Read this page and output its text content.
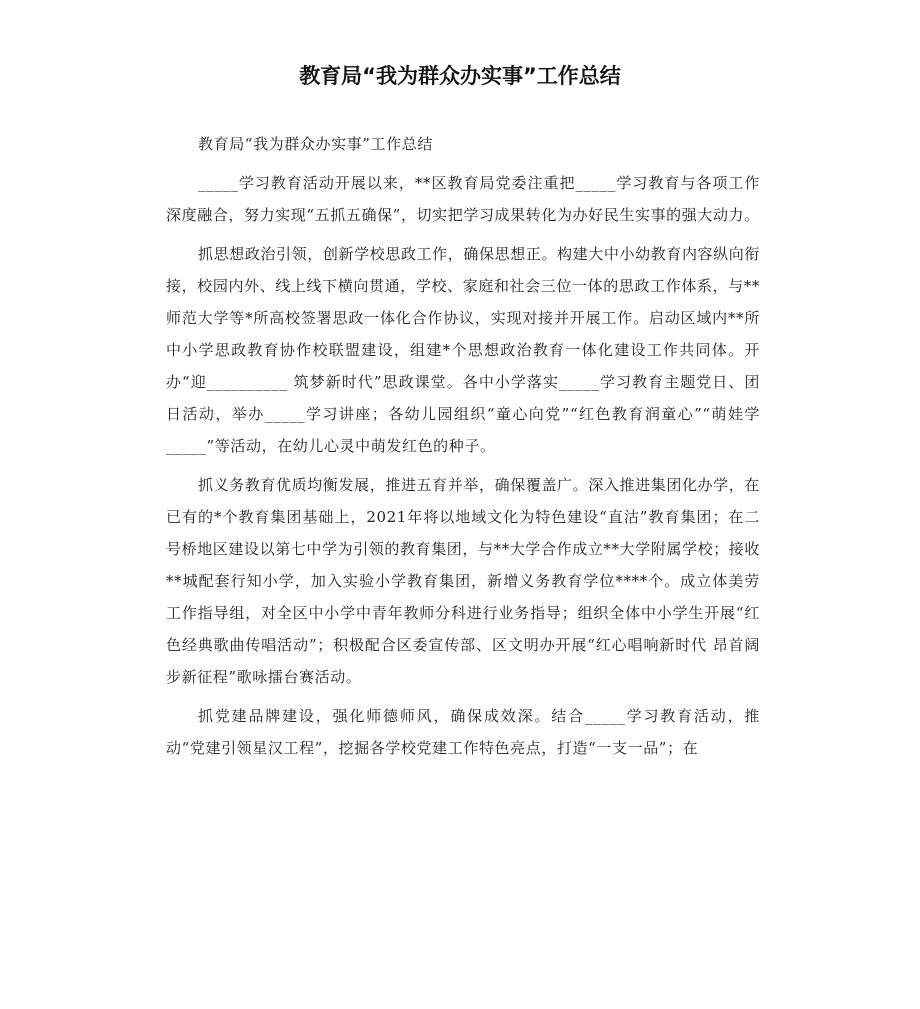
教育局“我为群众办实事”工作总结

教育局“我为群众办实事”工作总结

_____学习教育活动开展以来，**区教育局党委注重把_____学习教育与各项工作深度融合，努力实现“五抓五确保”，切实把学习成果转化为办好民生实事的强大动力。

抓思想政治引领，创新学校思政工作，确保思想正。构建大中小幼教育内容纵向衔接，校园内外、线上线下横向贯通，学校、家庭和社会三位一体的思政工作体系，与**师范大学等*所高校签署思政一体化合作协议，实现对接并开展工作。启动区域内**所中小学思政教育协作校联盟建设，组建*个思想政治教育一体化建设工作共同体。开办“迎__________ 筑梦新时代”思政课堂。各中小学落实_____学习教育主题党日、团日活动，举办_____学习讲座；各幼儿园组织“童心向党”“红色教育润童心”“萌娃学_____”等活动，在幼儿心灵中萌发红色的种子。

抓义务教育优质均衡发展，推进五育并举，确保覆盖广。深入推进集团化办学，在已有的*个教育集团基础上，2021年将以地域文化为特色建设“直沽”教育集团；在二号桥地区建设以第七中学为引领的教育集团，与**大学合作成立**大学附属学校；接收**城配套行知小学，加入实验小学教育集团，新增义务教育学位****个。成立体美劳工作指导组，对全区中小学中青年教师分科进行业务指导；组织全体中小学生开展“红色经典歌曲传唱活动”；积极配合区委宣传部、区文明办开展“红心唱响新时代 昂首阔步新征程”歌咏擂台赛活动。

抓党建品牌建设，强化师德师风，确保成效深。结合_____学习教育活动，推动“党建引领星汉工程”，挖掘各学校党建工作特色亮点，打造“一支一品”；在
